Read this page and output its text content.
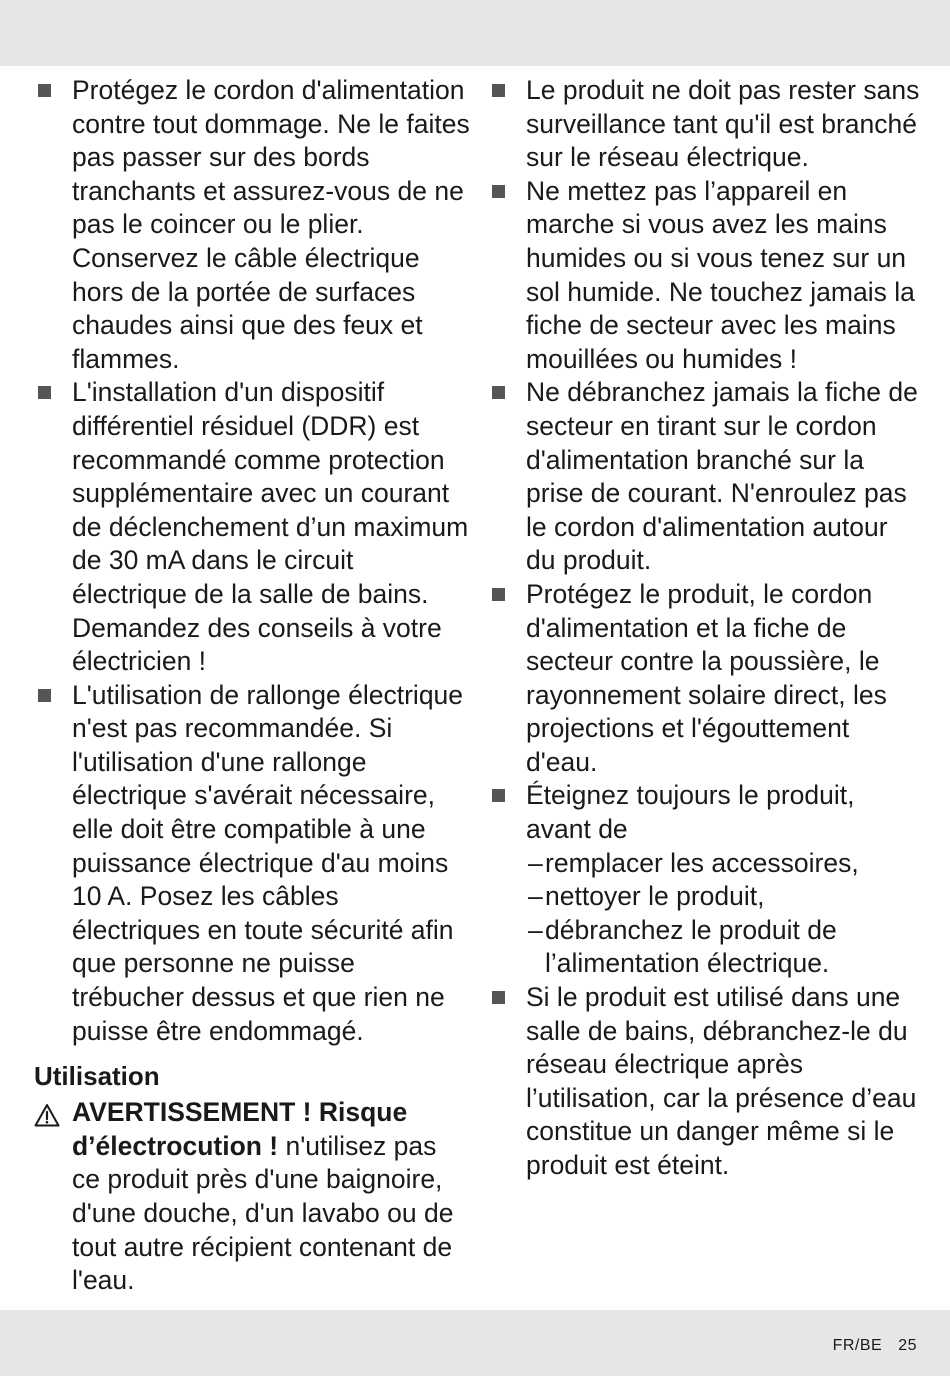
Protégez le cordon d'alimentation contre tout dommage. Ne le faites pas passer sur des bords tranchants et assurez-vous de ne pas le coincer ou le plier. Conservez le câble électrique hors de la portée de surfaces chaudes ainsi que des feux et flammes.

L'installation d'un dispositif différentiel résiduel (DDR) est recommandé comme protection supplémentaire avec un courant de déclenchement d’un maximum de 30 mA dans le circuit électrique de la salle de bains. Demandez des conseils à votre électricien !

L'utilisation de rallonge électrique n'est pas recommandée. Si l'utilisation d'une rallonge électrique s'avérait nécessaire, elle doit être compatible à une puissance électrique d'au moins 10 A. Posez les câbles électriques en toute sécurité afin que personne ne puisse trébucher dessus et que rien ne puisse être endommagé.

Utilisation
AVERTISSEMENT ! Risque d’électrocution ! n'utilisez pas ce produit près d'une baignoire, d'une douche, d'un lavabo ou de tout autre récipient contenant de l'eau.

Le produit ne doit pas rester sans surveillance tant qu'il est branché sur le réseau électrique.

Ne mettez pas l’appareil en marche si vous avez les mains humides ou si vous tenez sur un sol humide. Ne touchez jamais la fiche de secteur avec les mains mouillées ou humides !

Ne débranchez jamais la fiche de secteur en tirant sur le cordon d'alimentation branché sur la prise de courant. N'enroulez pas le cordon d'alimentation autour du produit.

Protégez le produit, le cordon d'alimentation et la fiche de secteur contre la poussière, le rayonnement solaire direct, les projections et l'égouttement d'eau.

Éteignez toujours le produit, avant de

– remplacer les accessoires,
– nettoyer le produit,
– débranchez le produit de l’alimentation électrique.

Si le produit est utilisé dans une salle de bains, débranchez-le du réseau électrique après l’utilisation, car la présence d’eau constitue un danger même si le produit est éteint.

FR/BE 25
